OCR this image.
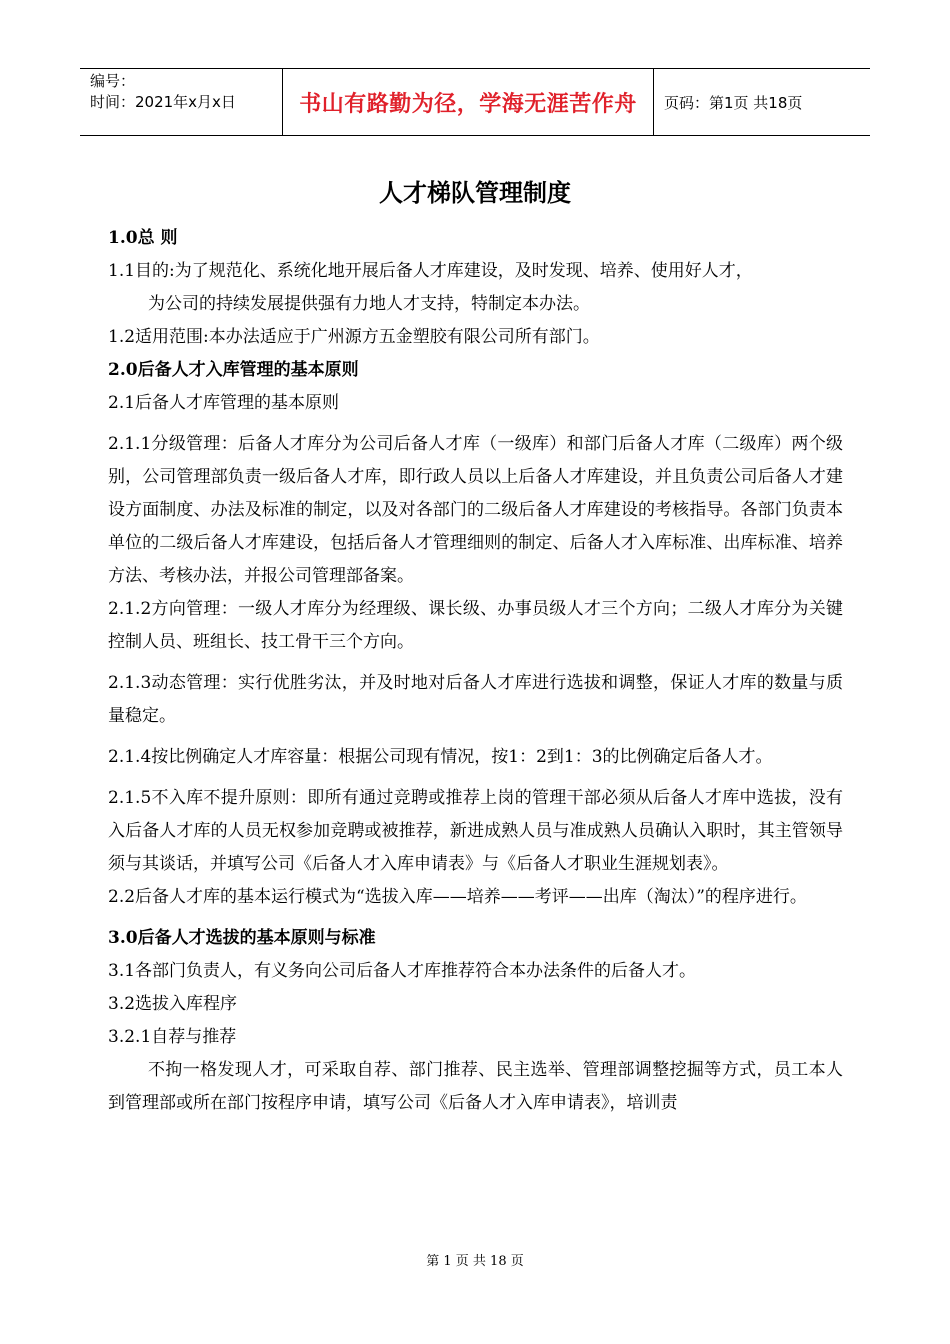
编号：
时间：2021年x月x日	书山有路勤为径，学海无涯苦作舟	页码：第1页 共18页
人才梯队管理制度

1.0总 则

1.1目的:为了规范化、系统化地开展后备人才库建设，及时发现、培养、使用好人才，

为公司的持续发展提供强有力地人才支持，特制定本办法。

1.2适用范围:本办法适应于广州源方五金塑胶有限公司所有部门。

2.0后备人才入库管理的基本原则

2.1后备人才库管理的基本原则

2.1.1分级管理：后备人才库分为公司后备人才库（一级库）和部门后备人才库（二级库）两个级别，公司管理部负责一级后备人才库，即行政人员以上后备人才库建设，并且负责公司后备人才建设方面制度、办法及标准的制定，以及对各部门的二级后备人才库建设的考核指导。各部门负责本单位的二级后备人才库建设，包括后备人才管理细则的制定、后备人才入库标准、出库标准、培养方法、考核办法，并报公司管理部备案。

2.1.2方向管理：一级人才库分为经理级、课长级、办事员级人才三个方向；二级人才库分为关键控制人员、班组长、技工骨干三个方向。

2.1.3动态管理：实行优胜劣汰，并及时地对后备人才库进行选拔和调整，保证人才库的数量与质量稳定。

2.1.4按比例确定人才库容量：根据公司现有情况，按1：2到1：3的比例确定后备人才。

2.1.5不入库不提升原则：即所有通过竞聘或推荐上岗的管理干部必须从后备人才库中选拔，没有入后备人才库的人员无权参加竞聘或被推荐，新进成熟人员与准成熟人员确认入职时，其主管领导须与其谈话，并填写公司《后备人才入库申请表》与《后备人才职业生涯规划表》。

2.2后备人才库的基本运行模式为“选拔入库——培养——考评——出库（淘汰）”的程序进行。

3.0后备人才选拔的基本原则与标准

3.1各部门负责人，有义务向公司后备人才库推荐符合本办法条件的后备人才。

3.2选拔入库程序

3.2.1自荐与推荐

不拘一格发现人才，可采取自荐、部门推荐、民主选举、管理部调整挖掘等方式，员工本人到管理部或所在部门按程序申请，填写公司《后备人才入库申请表》，培训责

第 1 页 共 18 页
